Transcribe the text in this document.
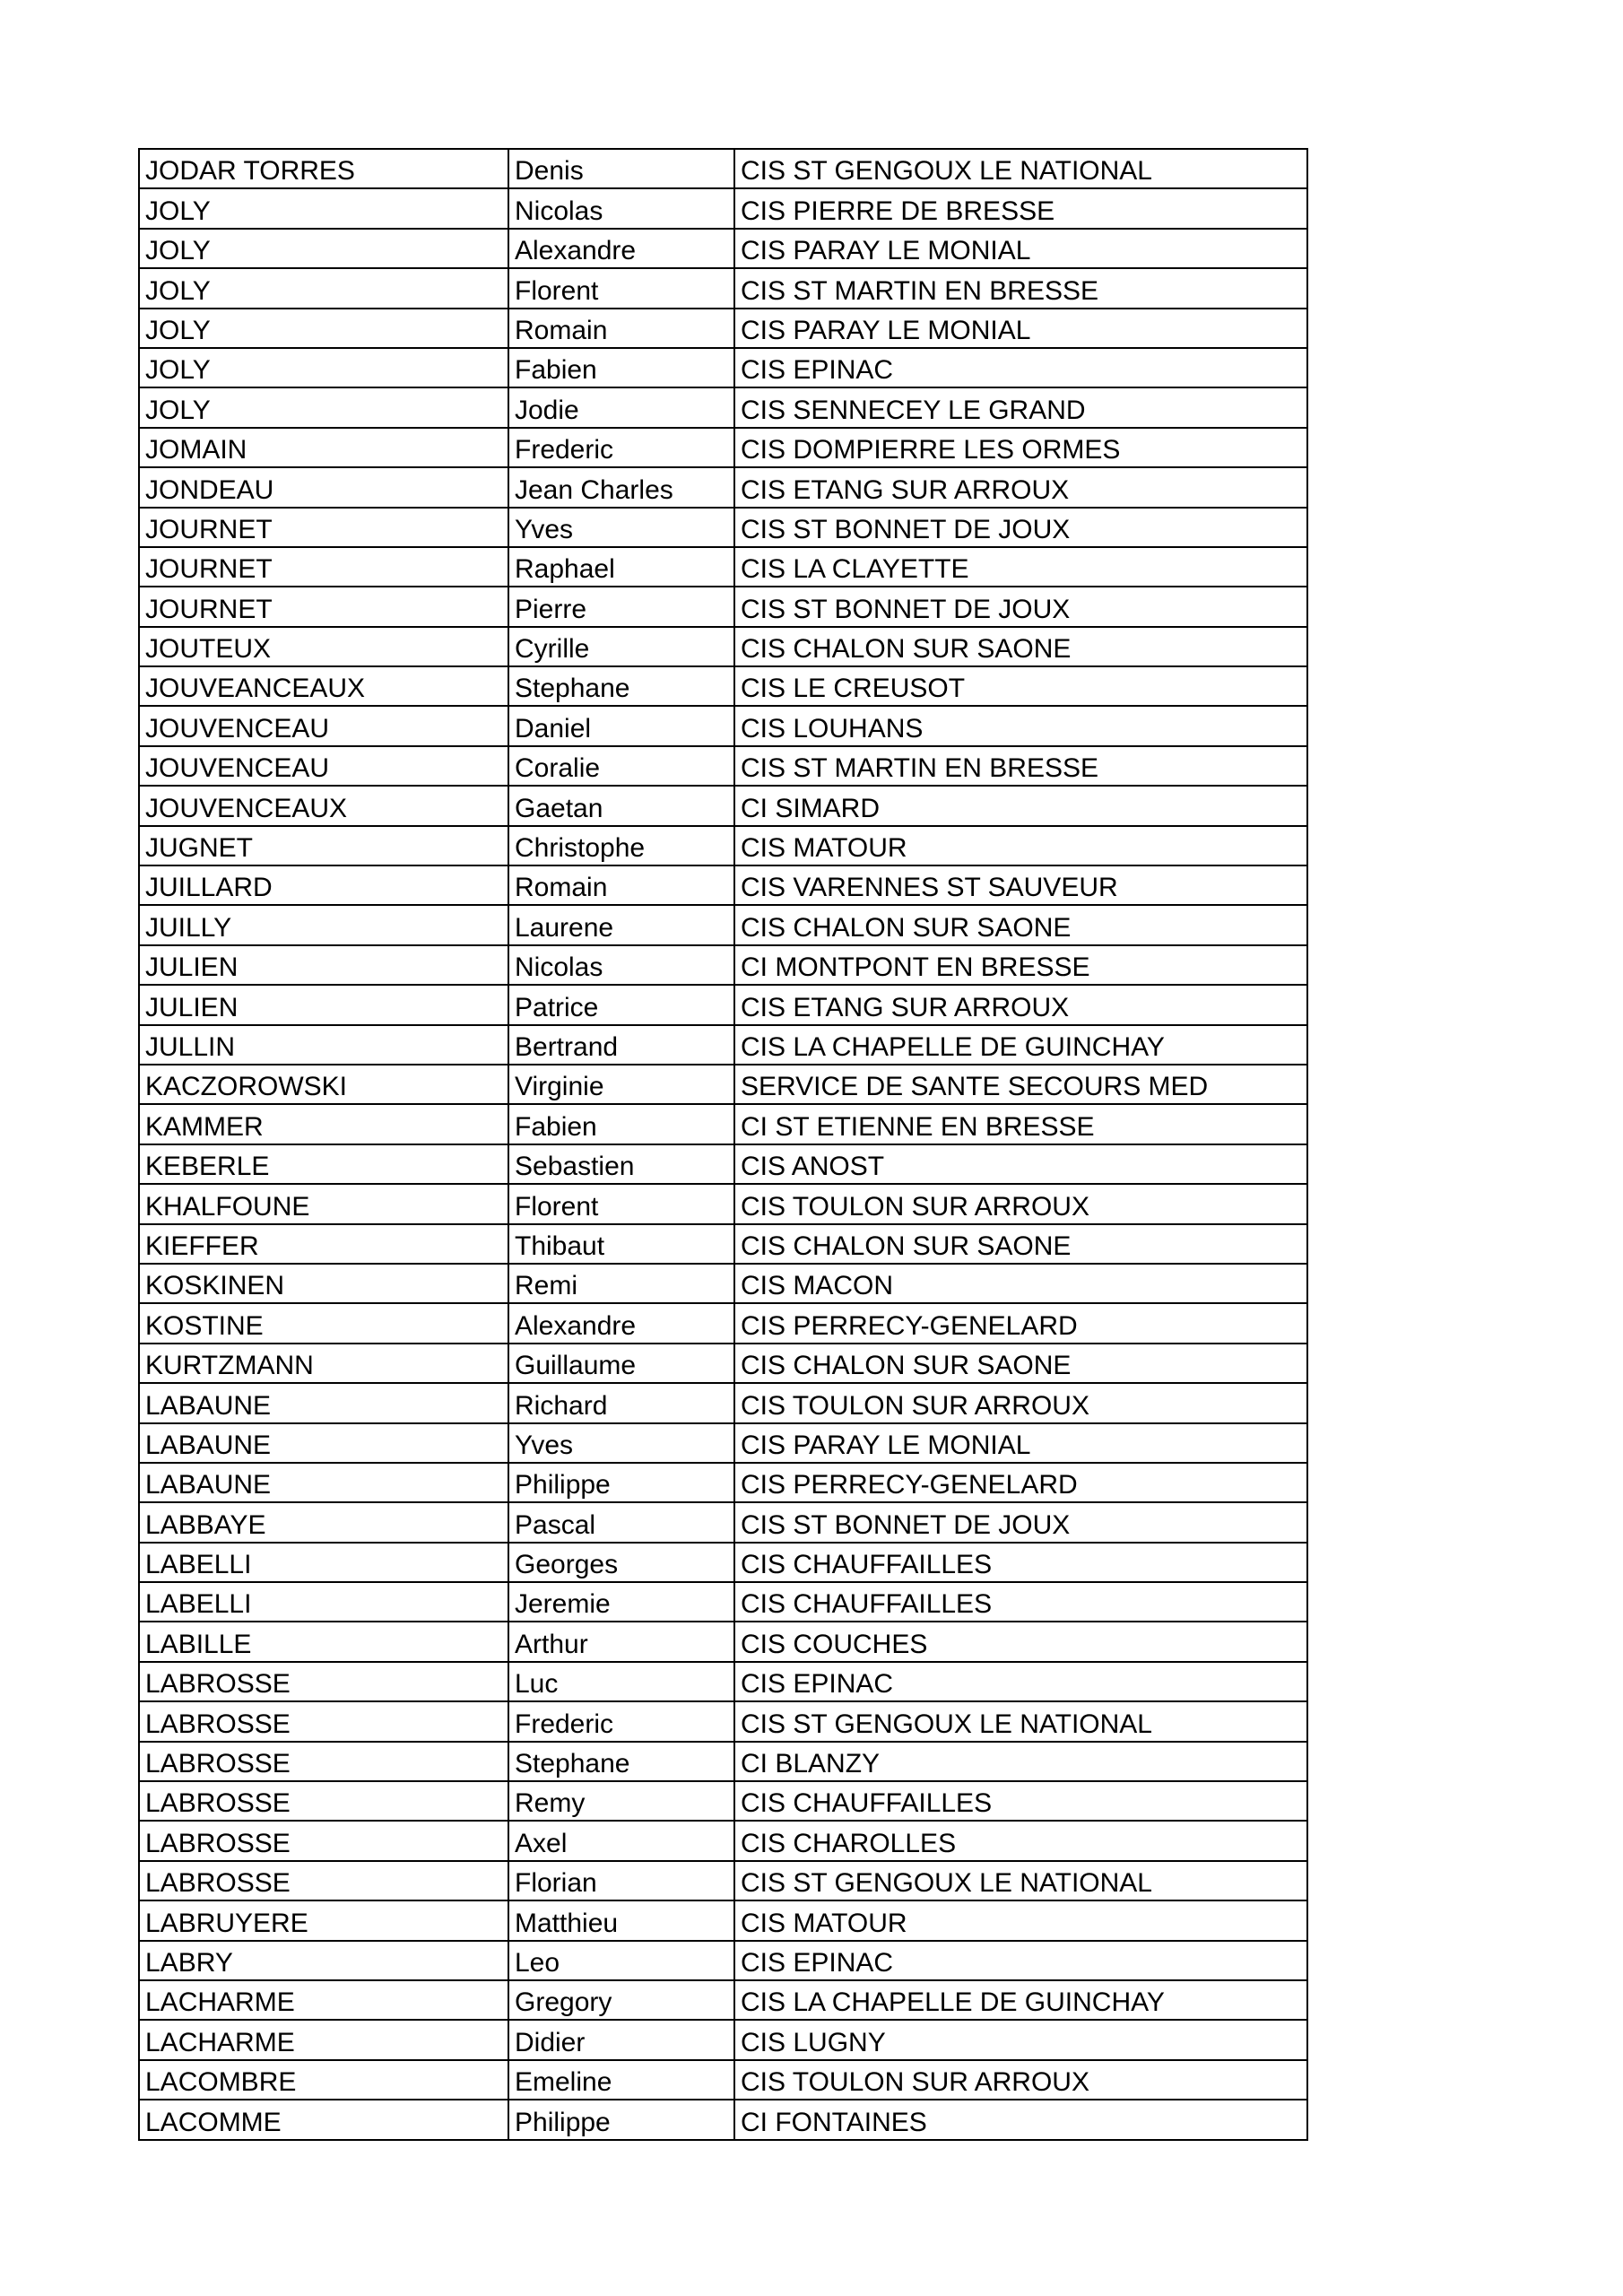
JODAR TORRES	Denis	CIS ST GENGOUX LE NATIONAL
JOLY	Nicolas	CIS PIERRE DE BRESSE
JOLY	Alexandre	CIS PARAY LE MONIAL
JOLY	Florent	CIS ST MARTIN EN BRESSE
JOLY	Romain	CIS PARAY LE MONIAL
JOLY	Fabien	CIS EPINAC
JOLY	Jodie	CIS SENNECEY LE GRAND
JOMAIN	Frederic	CIS DOMPIERRE LES ORMES
JONDEAU	Jean Charles	CIS ETANG SUR ARROUX
JOURNET	Yves	CIS ST BONNET DE JOUX
JOURNET	Raphael	CIS LA CLAYETTE
JOURNET	Pierre	CIS ST BONNET DE JOUX
JOUTEUX	Cyrille	CIS CHALON SUR SAONE
JOUVEANCEAUX	Stephane	CIS LE CREUSOT
JOUVENCEAU	Daniel	CIS LOUHANS
JOUVENCEAU	Coralie	CIS ST MARTIN EN BRESSE
JOUVENCEAUX	Gaetan	CI SIMARD
JUGNET	Christophe	CIS MATOUR
JUILLARD	Romain	CIS VARENNES ST SAUVEUR
JUILLY	Laurene	CIS CHALON SUR SAONE
JULIEN	Nicolas	CI MONTPONT EN BRESSE
JULIEN	Patrice	CIS ETANG SUR ARROUX
JULLIN	Bertrand	CIS LA CHAPELLE DE GUINCHAY
KACZOROWSKI	Virginie	SERVICE DE SANTE SECOURS MED
KAMMER	Fabien	CI ST ETIENNE EN BRESSE
KEBERLE	Sebastien	CIS ANOST
KHALFOUNE	Florent	CIS TOULON SUR ARROUX
KIEFFER	Thibaut	CIS CHALON SUR SAONE
KOSKINEN	Remi	CIS MACON
KOSTINE	Alexandre	CIS PERRECY-GENELARD
KURTZMANN	Guillaume	CIS CHALON SUR SAONE
LABAUNE	Richard	CIS TOULON SUR ARROUX
LABAUNE	Yves	CIS PARAY LE MONIAL
LABAUNE	Philippe	CIS PERRECY-GENELARD
LABBAYE	Pascal	CIS ST BONNET DE JOUX
LABELLI	Georges	CIS CHAUFFAILLES
LABELLI	Jeremie	CIS CHAUFFAILLES
LABILLE	Arthur	CIS COUCHES
LABROSSE	Luc	CIS EPINAC
LABROSSE	Frederic	CIS ST GENGOUX LE NATIONAL
LABROSSE	Stephane	CI BLANZY
LABROSSE	Remy	CIS CHAUFFAILLES
LABROSSE	Axel	CIS CHAROLLES
LABROSSE	Florian	CIS ST GENGOUX LE NATIONAL
LABRUYERE	Matthieu	CIS MATOUR
LABRY	Leo	CIS EPINAC
LACHARME	Gregory	CIS LA CHAPELLE DE GUINCHAY
LACHARME	Didier	CIS LUGNY
LACOMBRE	Emeline	CIS TOULON SUR ARROUX
LACOMME	Philippe	CI FONTAINES
